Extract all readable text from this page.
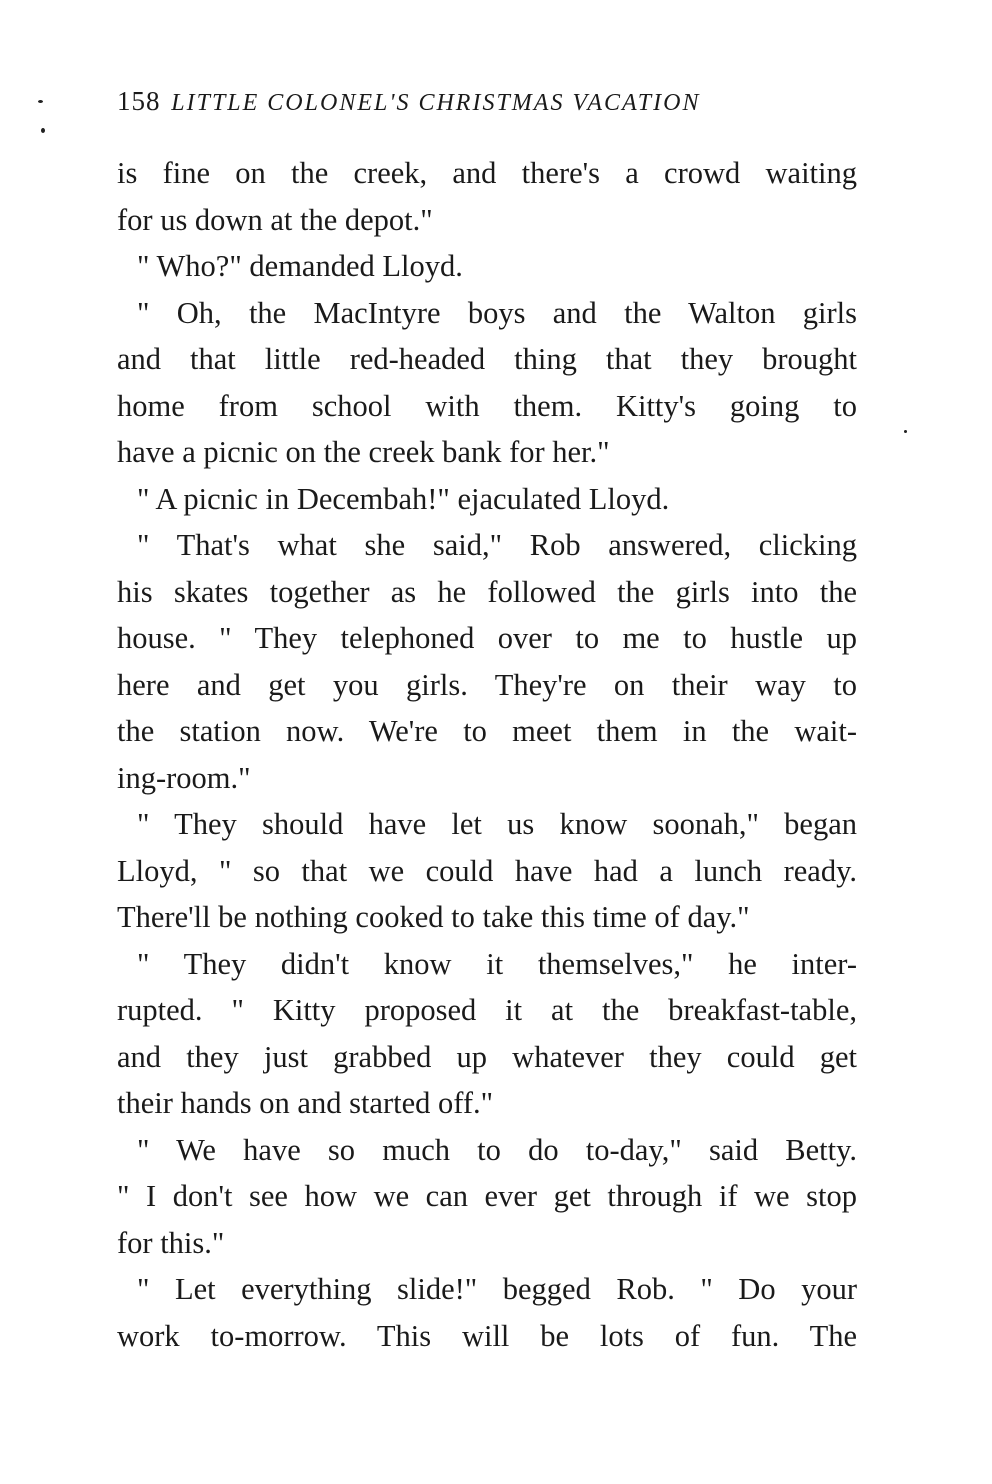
158 LITTLE COLONEL'S CHRISTMAS VACATION
is fine on the creek, and there's a crowd waiting
for us down at the depot."
" Who?" demanded Lloyd.
" Oh, the MacIntyre boys and the Walton girls
and that little red-headed thing that they brought
home from school with them. Kitty's going to
have a picnic on the creek bank for her."
" A picnic in Decembah!" ejaculated Lloyd.
" That's what she said," Rob answered, clicking
his skates together as he followed the girls into the
house. " They telephoned over to me to hustle up
here and get you girls. They're on their way to
the station now. We're to meet them in the wait-
ing-room."
" They should have let us know soonah," began
Lloyd, " so that we could have had a lunch ready.
There'll be nothing cooked to take this time of day."
" They didn't know it themselves," he inter-
rupted. " Kitty proposed it at the breakfast-table,
and they just grabbed up whatever they could get
their hands on and started off."
" We have so much to do to-day," said Betty.
" I don't see how we can ever get through if we stop
for this."
" Let everything slide!" begged Rob. " Do your
work to-morrow. This will be lots of fun. The
